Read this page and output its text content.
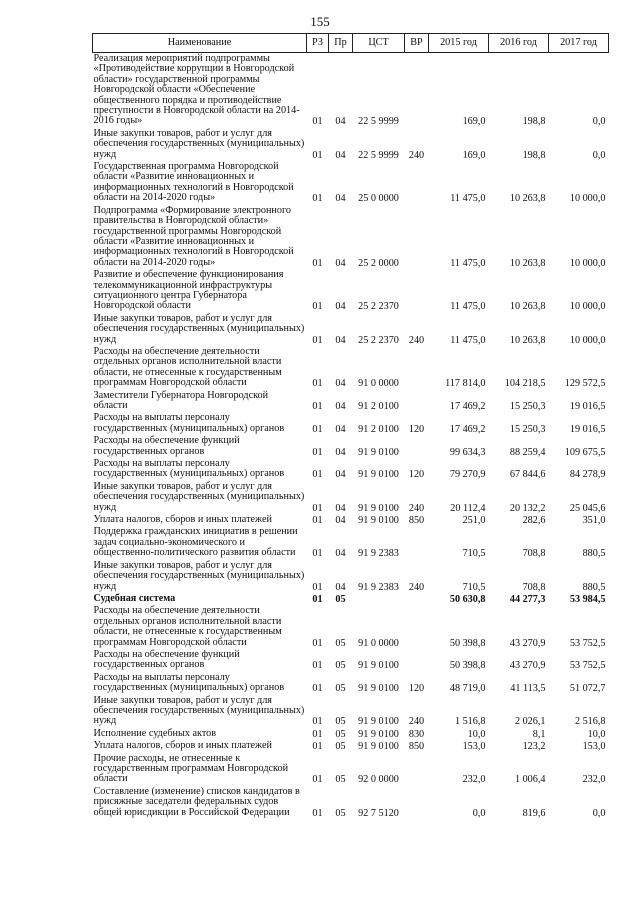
155
Наименование	РЗ	Пр	ЦСТ	ВР	2015 год	2016 год	2017 год
Реализация мероприятий подпрограммы «Противодействие коррупции в Новгородской области» государственной программы Новгородской области «Обеспечение общественного порядка и противодействие преступности в Новгородской области на 2014-2016 годы»	01	04	22 5 9999		169,0	198,8	0,0
Иные закупки товаров, работ и услуг для обеспечения государственных (муниципальных) нужд	01	04	22 5 9999	240	169,0	198,8	0,0
Государственная программа Новгородской области «Развитие инновационных и информационных технологий в Новгородской области на 2014-2020 годы»	01	04	25 0 0000		11 475,0	10 263,8	10 000,0
Подпрограмма «Формирование электронного правительства в Новгородской области» государственной программы Новгородской области «Развитие инновационных и информационных технологий в Новгородской области на 2014-2020 годы»	01	04	25 2 0000		11 475,0	10 263,8	10 000,0
Развитие и обеспечение функционирования телекоммуникационной инфраструктуры ситуационного центра Губернатора Новгородской области	01	04	25 2 2370		11 475,0	10 263,8	10 000,0
Иные закупки товаров, работ и услуг для обеспечения государственных (муниципальных) нужд	01	04	25 2 2370	240	11 475,0	10 263,8	10 000,0
Расходы на обеспечение деятельности отдельных органов исполнительной власти области, не отнесенные к государственным программам Новгородской области	01	04	91 0 0000		117 814,0	104 218,5	129 572,5
Заместители Губернатора Новгородской области	01	04	91 2 0100		17 469,2	15 250,3	19 016,5
Расходы на выплаты персоналу государственных (муниципальных) органов	01	04	91 2 0100	120	17 469,2	15 250,3	19 016,5
Расходы на обеспечение функций государственных органов	01	04	91 9 0100		99 634,3	88 259,4	109 675,5
Расходы на выплаты персоналу государственных (муниципальных) органов	01	04	91 9 0100	120	79 270,9	67 844,6	84 278,9
Иные закупки товаров, работ и услуг для обеспечения государственных (муниципальных) нужд	01	04	91 9 0100	240	20 112,4	20 132,2	25 045,6
Уплата налогов, сборов и иных платежей	01	04	91 9 0100	850	251,0	282,6	351,0
Поддержка гражданских инициатив в решении задач социально-экономического и общественно-политического развития области	01	04	91 9 2383		710,5	708,8	880,5
Иные закупки товаров, работ и услуг для обеспечения государственных (муниципальных) нужд	01	04	91 9 2383	240	710,5	708,8	880,5
Судебная система	01	05			50 630,8	44 277,3	53 984,5
Расходы на обеспечение деятельности отдельных органов исполнительной власти области, не отнесенные к государственным программам Новгородской области	01	05	91 0 0000		50 398,8	43 270,9	53 752,5
Расходы на обеспечение функций государственных органов	01	05	91 9 0100		50 398,8	43 270,9	53 752,5
Расходы на выплаты персоналу государственных (муниципальных) органов	01	05	91 9 0100	120	48 719,0	41 113,5	51 072,7
Иные закупки товаров, работ и услуг для обеспечения государственных (муниципальных) нужд	01	05	91 9 0100	240	1 516,8	2 026,1	2 516,8
Исполнение судебных актов	01	05	91 9 0100	830	10,0	8,1	10,0
Уплата налогов, сборов и иных платежей	01	05	91 9 0100	850	153,0	123,2	153,0
Прочие расходы, не отнесенные к государственным программам Новгородской области	01	05	92 0 0000		232,0	1 006,4	232,0
Составление (изменение) списков кандидатов в присяжные заседатели федеральных судов общей юрисдикции в Российской Федерации	01	05	92 7 5120		0,0	819,6	0,0
